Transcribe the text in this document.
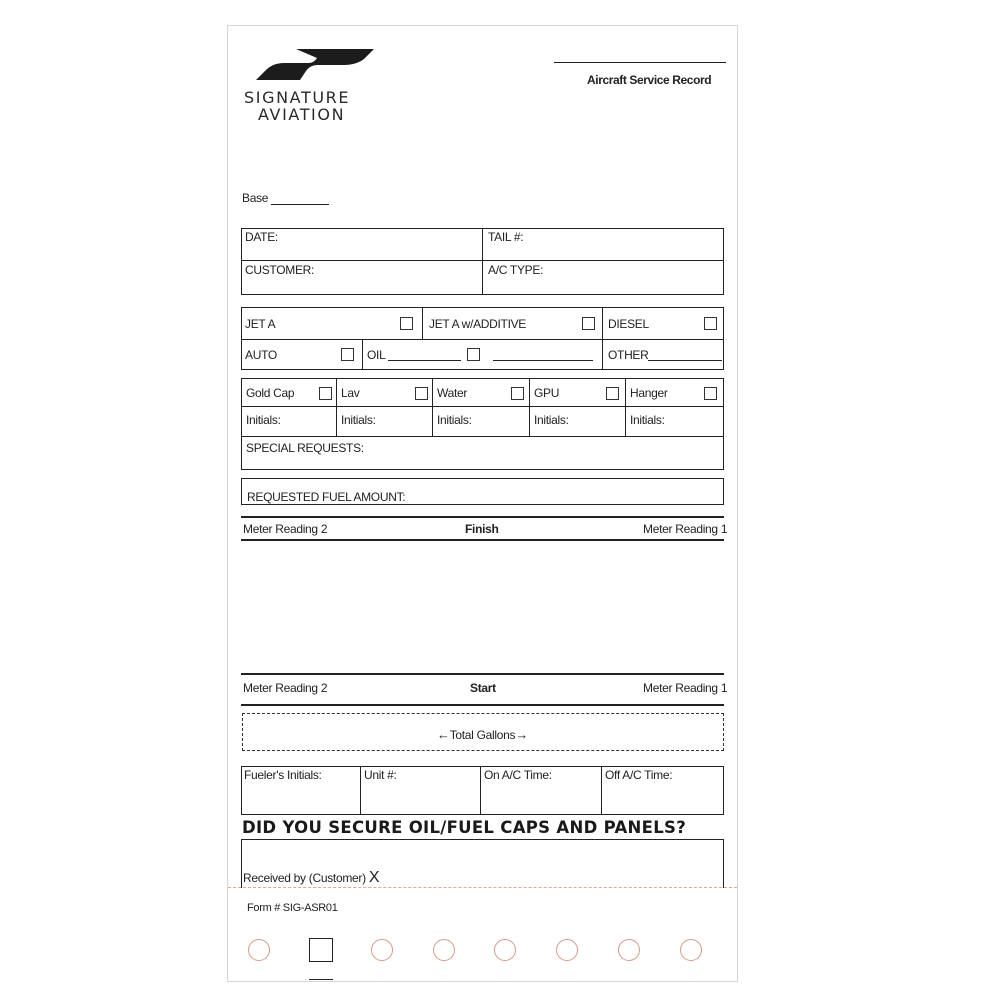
SIGNATURE
AVIATION
Aircraft Service Record
Base
DATE:	TAIL #:
CUSTOMER:	A/C TYPE:
JET A	JET A w/ADDITIVE	DIESEL
AUTO	OIL	OTHER
Gold Cap	Lav	Water	GPU	Hanger
Initials:	Initials:	Initials:	Initials:	Initials:
SPECIAL REQUESTS:
REQUESTED FUEL AMOUNT:
Meter Reading 2	Finish	Meter Reading 1
Meter Reading 2	Start	Meter Reading 1
←Total Gallons→
Fueler's Initials:	Unit #:	On A/C Time:	Off A/C Time:
DID YOU SECURE OIL/FUEL CAPS AND PANELS?
Received by (Customer) X
Form # SIG-ASR01
